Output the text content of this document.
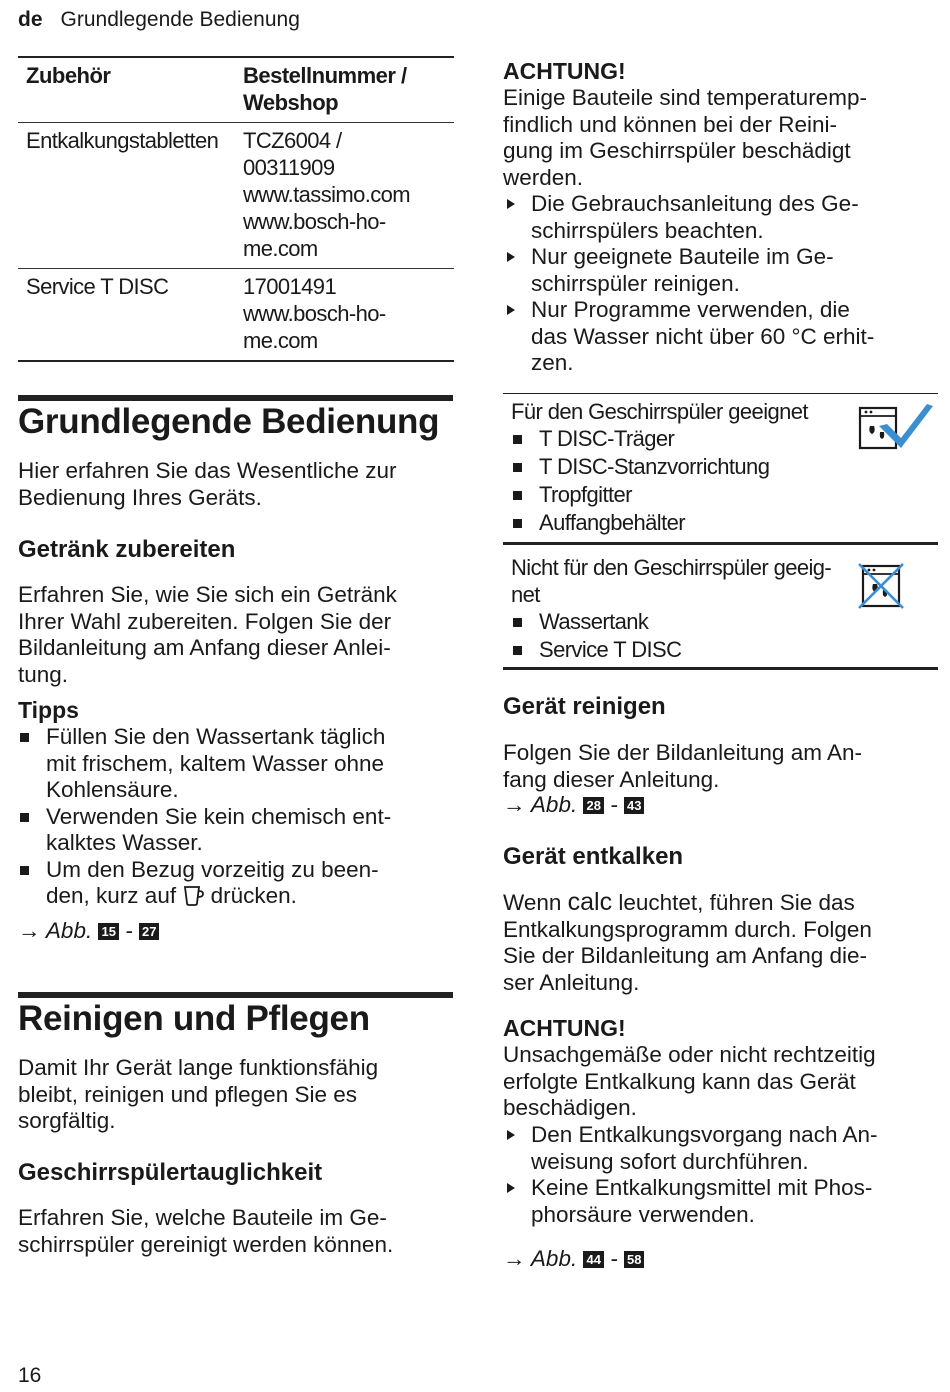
de Grundlegende Bedienung
Zubehör	Bestellnummer / Webshop
Entkalkungstabletten	TCZ6004 /
00311909
www.tassimo.com
www.bosch-ho-
me.com
Service T DISC	17001491
www.bosch-ho-
me.com
Grundlegende Bedienung
Hier erfahren Sie das Wesentliche zur
Bedienung Ihres Geräts.
Getränk zubereiten
Erfahren Sie, wie Sie sich ein Getränk
Ihrer Wahl zubereiten. Folgen Sie der
Bildanleitung am Anfang dieser Anlei-
tung.
Tipps
Füllen Sie den Wassertank täglich
mit frischem, kaltem Wasser ohne
Kohlensäure.
Verwenden Sie kein chemisch ent-
kalktes Wasser.
Um den Bezug vorzeitig zu been-
den, kurz auf drücken.
→ Abb. 15 - 27
Reinigen und Pflegen
Damit Ihr Gerät lange funktionsfähig
bleibt, reinigen und pflegen Sie es
sorgfältig.
Geschirrspülertauglichkeit
Erfahren Sie, welche Bauteile im Ge-
schirrspüler gereinigt werden können.
ACHTUNG!
Einige Bauteile sind temperaturemp-
findlich und können bei der Reini-
gung im Geschirrspüler beschädigt
werden.
Die Gebrauchsanleitung des Ge-
schirrspülers beachten.
Nur geeignete Bauteile im Ge-
schirrspüler reinigen.
Nur Programme verwenden, die
das Wasser nicht über 60 °C erhit-
zen.
Für den Geschirrspüler geeignet
T DISC-Träger
T DISC-Stanzvorrichtung
Tropfgitter
Auffangbehälter
Nicht für den Geschirrspüler geeig-
net
Wassertank
Service T DISC
Gerät reinigen
Folgen Sie der Bildanleitung am An-
fang dieser Anleitung.
→ Abb. 28 - 43
Gerät entkalken
Wenn calc leuchtet, führen Sie das
Entkalkungsprogramm durch. Folgen
Sie der Bildanleitung am Anfang die-
ser Anleitung.
ACHTUNG!
Unsachgemäße oder nicht rechtzeitig
erfolgte Entkalkung kann das Gerät
beschädigen.
Den Entkalkungsvorgang nach An-
weisung sofort durchführen.
Keine Entkalkungsmittel mit Phos-
phorsäure verwenden.
→ Abb. 44 - 58
16
